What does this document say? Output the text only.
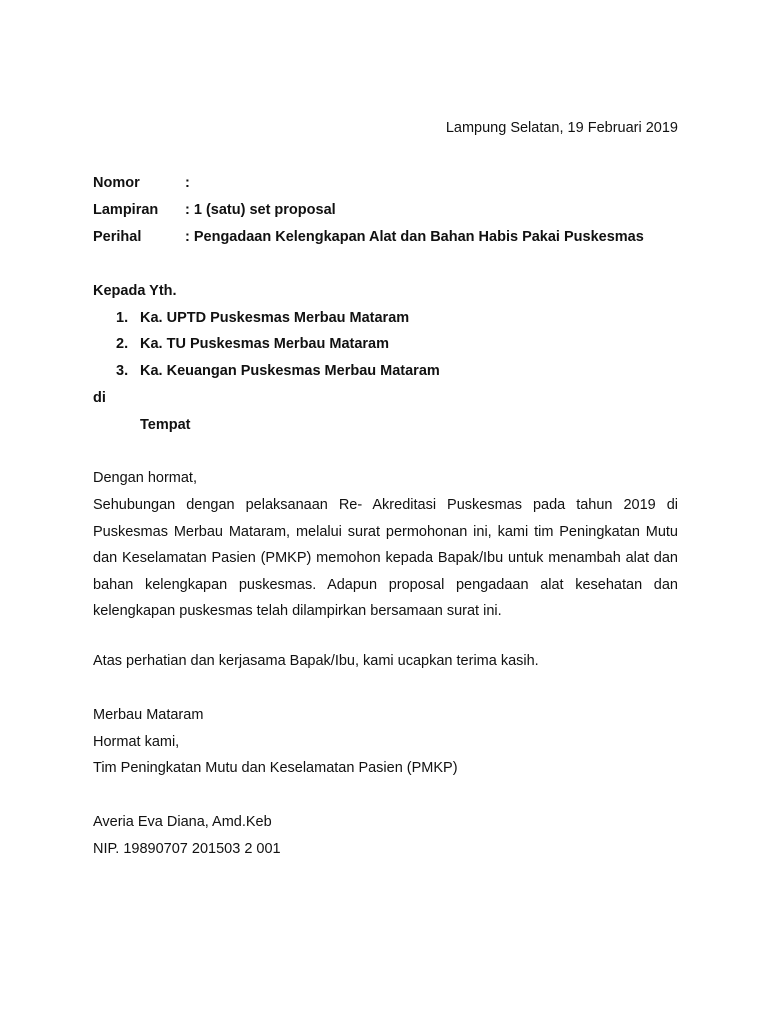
Lampung Selatan, 19 Februari 2019
Nomor	:
Lampiran : 1 (satu) set proposal
Perihal	: Pengadaan Kelengkapan Alat dan Bahan Habis Pakai Puskesmas
Kepada Yth.
1. Ka. UPTD Puskesmas Merbau Mataram
2. Ka. TU Puskesmas Merbau Mataram
3. Ka. Keuangan Puskesmas Merbau Mataram
di
Tempat
Dengan hormat,
Sehubungan dengan pelaksanaan Re- Akreditasi Puskesmas pada tahun 2019 di Puskesmas Merbau Mataram, melalui surat permohonan ini, kami tim Peningkatan Mutu dan Keselamatan Pasien (PMKP) memohon kepada Bapak/Ibu untuk menambah alat dan bahan kelengkapan puskesmas. Adapun proposal pengadaan alat kesehatan dan kelengkapan puskesmas telah dilampirkan bersamaan surat ini.
Atas perhatian dan kerjasama Bapak/Ibu, kami ucapkan terima kasih.
Merbau Mataram
Hormat kami,
Tim Peningkatan Mutu dan Keselamatan Pasien (PMKP)
Averia Eva Diana, Amd.Keb
NIP. 19890707 201503 2 001
